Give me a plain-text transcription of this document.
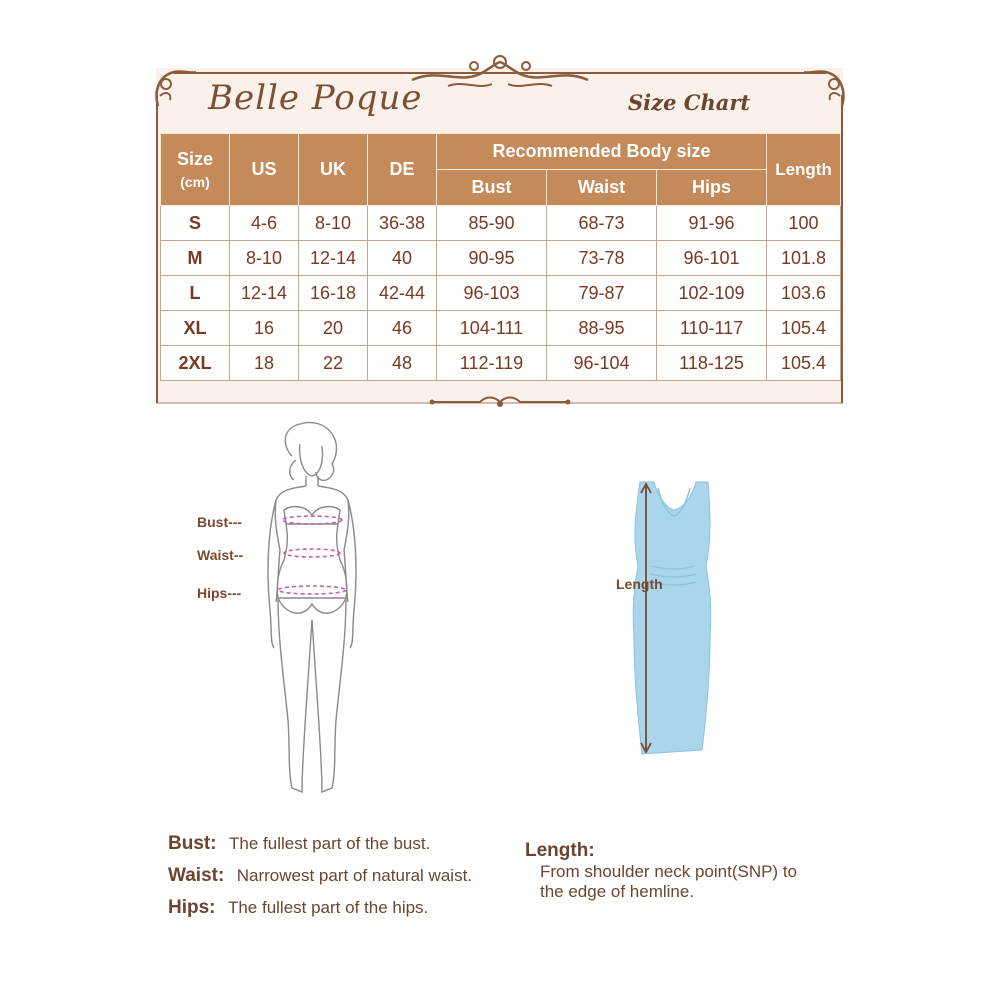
Belle Poque	Size Chart
Size
(cm)	US	UK	DE	Recommended Body size			Length
				Bust	Waist	Hips	
S	4-6	8-10	36-38	85-90	68-73	91-96	100
M	8-10	12-14	40	90-95	73-78	96-101	101.8
L	12-14	16-18	42-44	96-103	79-87	102-109	103.6
XL	16	20	46	104-111	88-95	110-117	105.4
2XL	18	22	48	112-119	96-104	118-125	105.4
Bust---
Waist--
Hips---
Length
Bust: The fullest part of the bust.
Waist: Narrowest part of natural waist.
Hips: The fullest part of the hips.
Length:
From shoulder neck point(SNP) to
the edge of hemline.
